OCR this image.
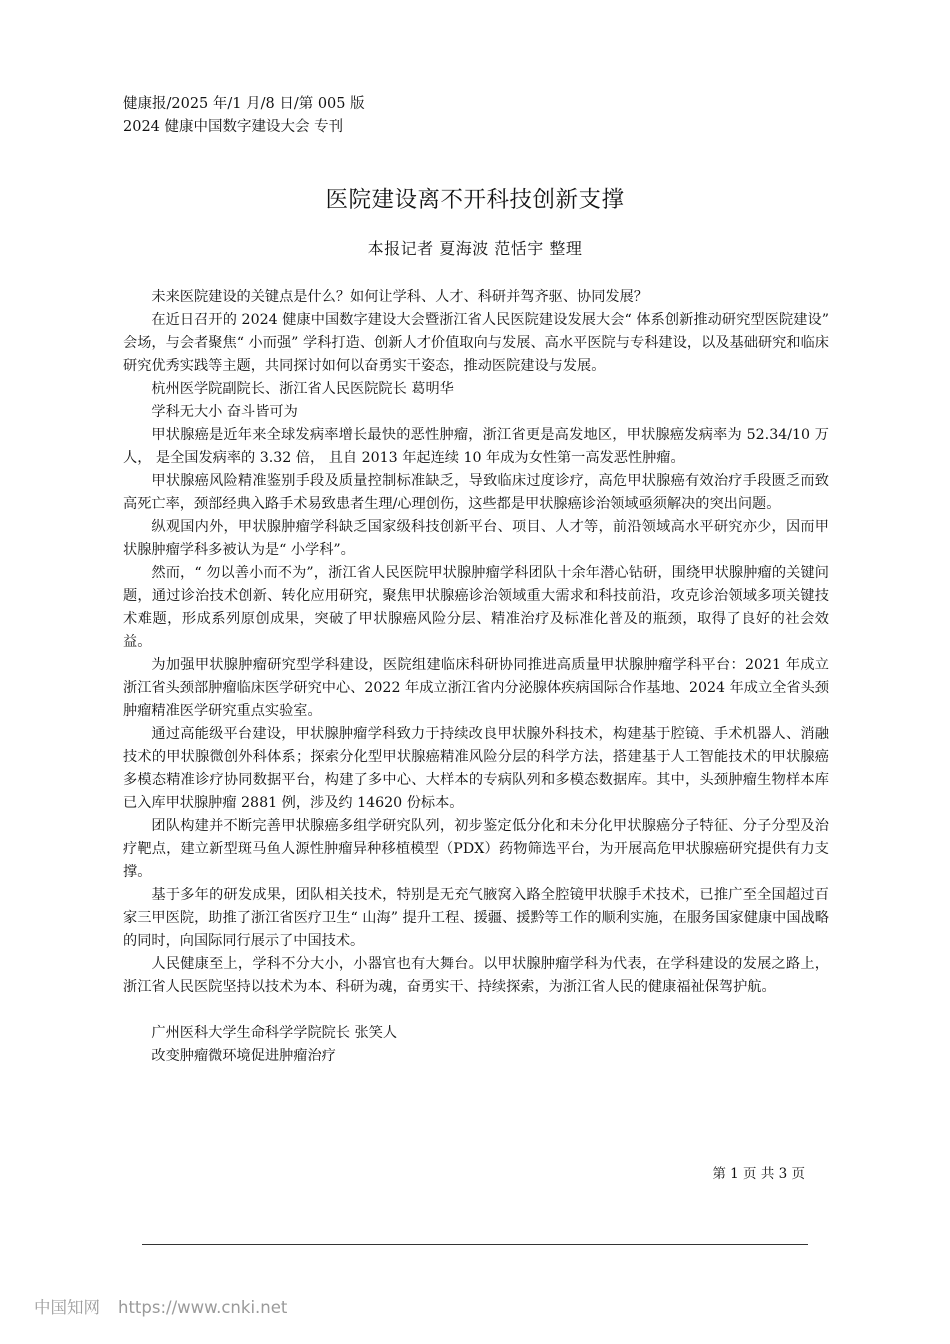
健康报/2025 年/1 月/8 日/第 005 版 2024 健康中国数字建设大会 专刊
医院建设离不开科技创新支撑
本报记者 夏海波 范恬宇 整理

未来医院建设的关键点是什么？如何让学科、人才、科研并驾齐驱、协同发展？

在近日召开的 2024 健康中国数字建设大会暨浙江省人民医院建设发展大会“ 体系创新推动研究型医院建设” 会场，与会者聚焦“ 小而强” 学科打造、创新人才价值取向与发展、高水平医院与专科建设，以及基础研究和临床研究优秀实践等主题，共同探讨如何以奋勇实干姿态，推动医院建设与发展。

杭州医学院副院长、浙江省人民医院院长 葛明华

学科无大小 奋斗皆可为

甲状腺癌是近年来全球发病率增长最快的恶性肿瘤，浙江省更是高发地区，甲状腺癌发病率为 52.34/10 万人， 是全国发病率的 3.32 倍， 且自 2013 年起连续 10 年成为女性第一高发恶性肿瘤。

甲状腺癌风险精准鉴别手段及质量控制标准缺乏，导致临床过度诊疗，高危甲状腺癌有效治疗手段匮乏而致高死亡率，颈部经典入路手术易致患者生理/心理创伤，这些都是甲状腺癌诊治领域亟须解决的突出问题。

纵观国内外，甲状腺肿瘤学科缺乏国家级科技创新平台、项目、人才等，前沿领域高水平研究亦少，因而甲状腺肿瘤学科多被认为是“ 小学科”。

然而，“ 勿以善小而不为”，浙江省人民医院甲状腺肿瘤学科团队十余年潜心钻研，围绕甲状腺肿瘤的关键问题，通过诊治技术创新、转化应用研究，聚焦甲状腺癌诊治领域重大需求和科技前沿，攻克诊治领域多项关键技术难题，形成系列原创成果，突破了甲状腺癌风险分层、精准治疗及标准化普及的瓶颈，取得了良好的社会效益。

为加强甲状腺肿瘤研究型学科建设，医院组建临床科研协同推进高质量甲状腺肿瘤学科平台：2021 年成立浙江省头颈部肿瘤临床医学研究中心、2022 年成立浙江省内分泌腺体疾病国际合作基地、2024 年成立全省头颈肿瘤精准医学研究重点实验室。

通过高能级平台建设，甲状腺肿瘤学科致力于持续改良甲状腺外科技术，构建基于腔镜、手术机器人、消融技术的甲状腺微创外科体系；探索分化型甲状腺癌精准风险分层的科学方法，搭建基于人工智能技术的甲状腺癌多模态精准诊疗协同数据平台，构建了多中心、大样本的专病队列和多模态数据库。其中，头颈肿瘤生物样本库已入库甲状腺肿瘤 2881 例，涉及约 14620 份标本。

团队构建并不断完善甲状腺癌多组学研究队列，初步鉴定低分化和未分化甲状腺癌分子特征、分子分型及治疗靶点，建立新型斑马鱼人源性肿瘤异种移植模型（PDX）药物筛选平台，为开展高危甲状腺癌研究提供有力支撑。

基于多年的研发成果，团队相关技术，特别是无充气腋窝入路全腔镜甲状腺手术技术，已推广至全国超过百家三甲医院，助推了浙江省医疗卫生“ 山海” 提升工程、援疆、援黔等工作的顺利实施，在服务国家健康中国战略的同时，向国际同行展示了中国技术。

人民健康至上，学科不分大小，小器官也有大舞台。以甲状腺肿瘤学科为代表，在学科建设的发展之路上，浙江省人民医院坚持以技术为本、科研为魂，奋勇实干、持续探索，为浙江省人民的健康福祉保驾护航。

广州医科大学生命科学学院院长 张笑人

改变肿瘤微环境促进肿瘤治疗

第 1 页 共 3 页
中国知网 https://www.cnki.net
